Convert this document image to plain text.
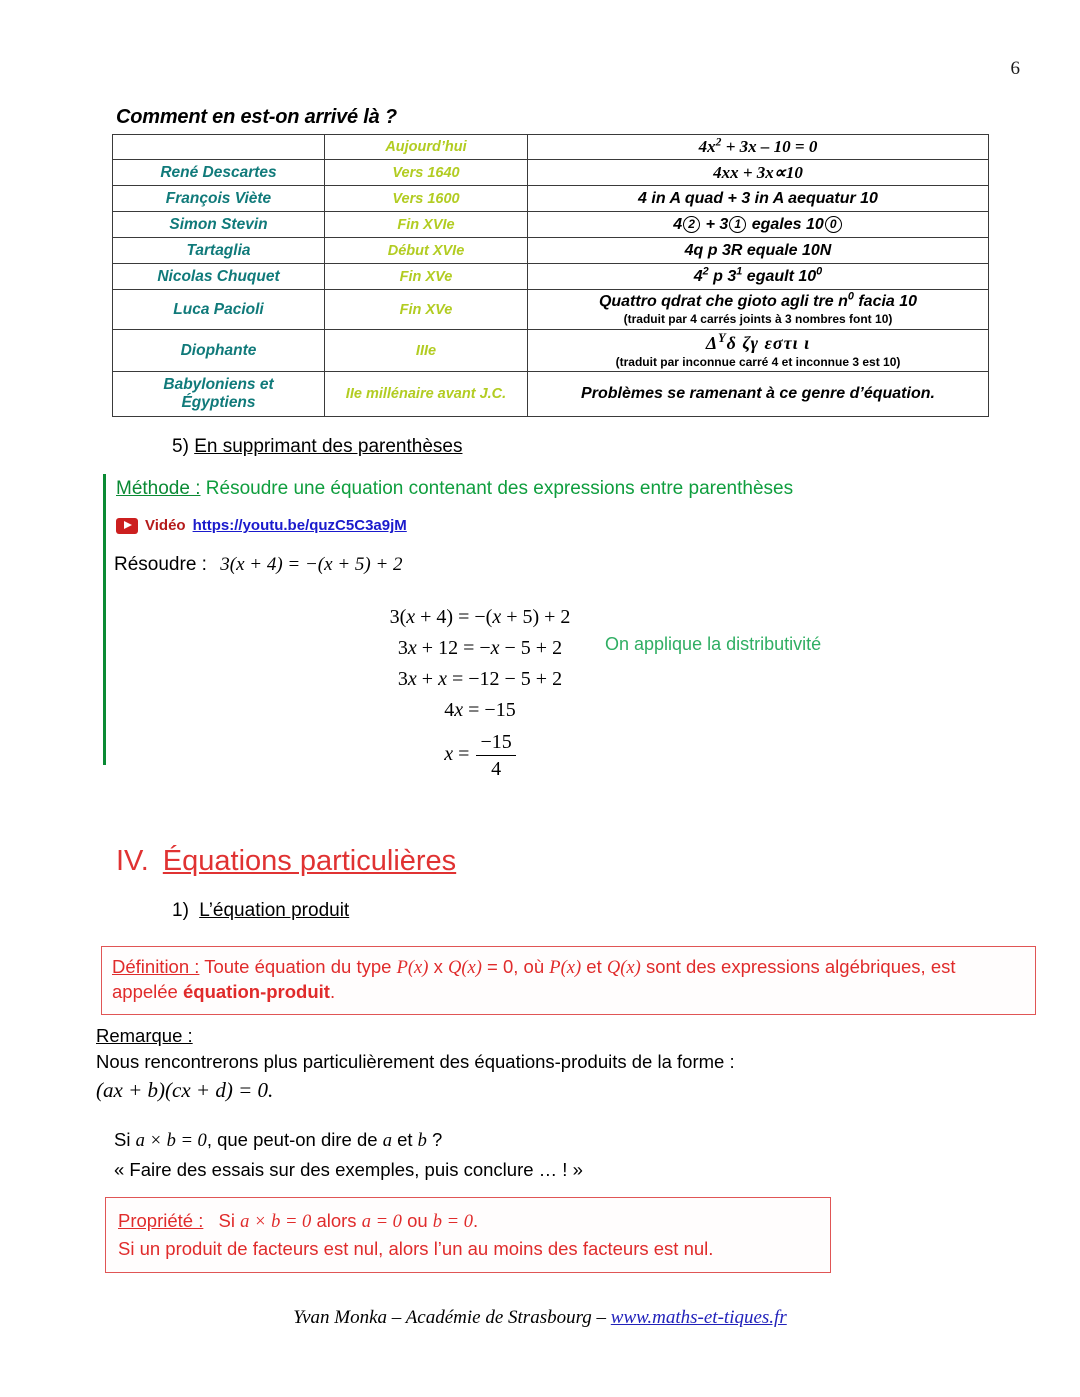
6
Comment en est-on arrivé là ?
	Aujourd’hui	$4x^2 + 3x - 10 = 0$
René Descartes	Vers 1640	4xx + 3x∝10
François Viète	Vers 1600	4 in A quad + 3 in A aequatur 10
Simon Stevin	Fin XVIe	4 2 + 3 1 egales 10 0
Tartaglia	Début XVIe	4q p 3R equale 10N
Nicolas Chuquet	Fin XVe	$4^2$ p $3^1$ egault $10^0$
Luca Pacioli	Fin XVe	Quattro qdrat che gioto agli tre $n^0$ facia 10
(traduit par 4 carrés joints à 3 nombres font 10)

Diophante	IIIe	$\Delta^\Upsilon\delta$ ζγ εστι ι
(traduit par inconnue carré 4 et inconnue 3 est 10)

Babyloniens et
Égyptiens	IIe millénaire avant J.C.	Problèmes se ramenant à ce genre d’équation.
5) En supprimant des parenthèses
Méthode : Résoudre une équation contenant des expressions entre parenthèses
Vidéo https://youtu.be/quzC5C3a9jM
Résoudre : 3(x + 4) = −(x + 5) + 2
3(x + 4) = −(x + 5) + 2
3x + 12 = −x − 5 + 2
3x + x = −12 − 5 + 2
4x = −15
$x = \frac{-15}{4}$
On applique la distributivité
IV. Équations particulières
1) L’équation produit
Définition : Toute équation du type P(x) x Q(x) = 0, où P(x) et Q(x) sont des expressions algébriques, est appelée équation-produit.
Remarque :
Nous rencontrerons plus particulièrement des équations-produits de la forme :
(ax + b)(cx + d) = 0.
Si a × b = 0, que peut-on dire de a et b ?
« Faire des essais sur des exemples, puis conclure … ! »
Propriété : Si a × b = 0 alors a = 0 ou b = 0.
Si un produit de facteurs est nul, alors l’un au moins des facteurs est nul.
Yvan Monka – Académie de Strasbourg – www.maths-et-tiques.fr
